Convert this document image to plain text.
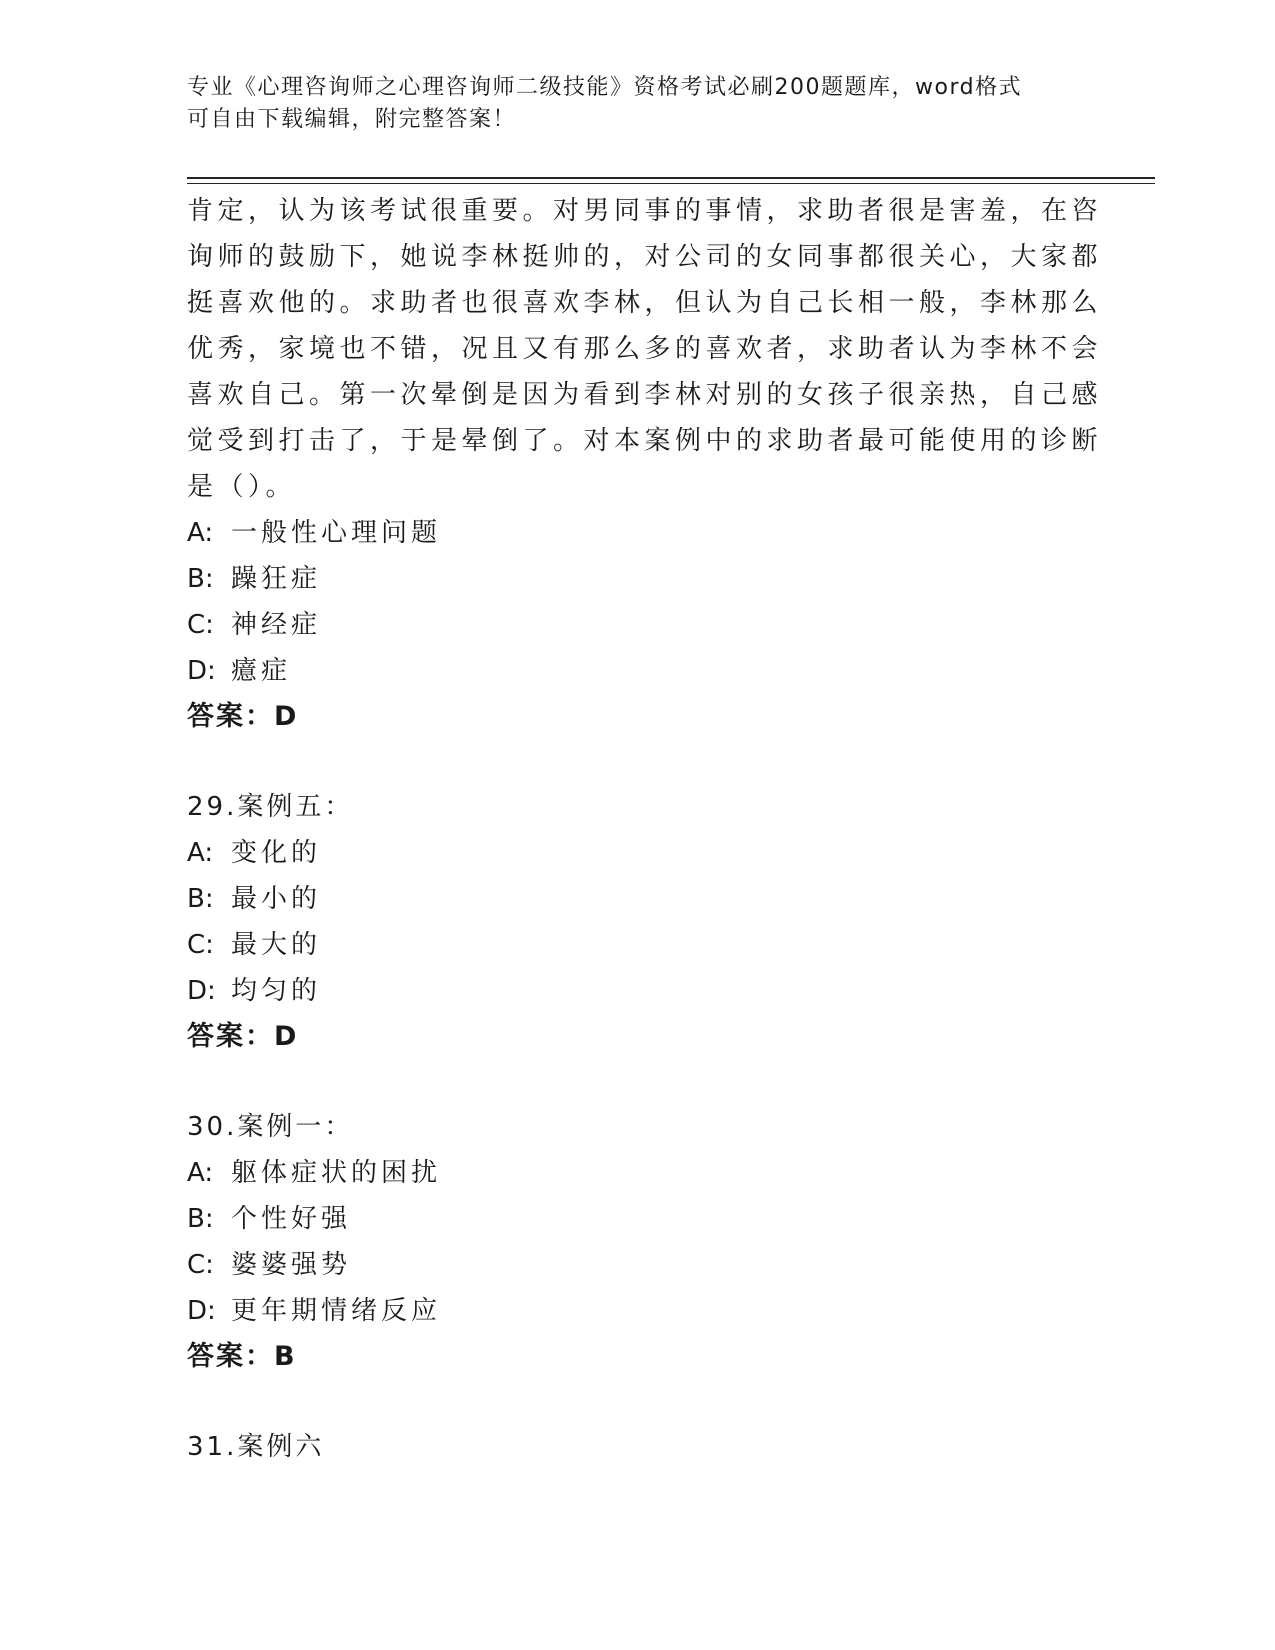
专业《心理咨询师之心理咨询师二级技能》资格考试必刷200题题库，word格式
可自由下载编辑，附完整答案！

肯定，认为该考试很重要。对男同事的事情，求助者很是害羞，在咨

询师的鼓励下，她说李林挺帅的，对公司的女同事都很关心，大家都

挺喜欢他的。求助者也很喜欢李林，但认为自己长相一般，李林那么

优秀，家境也不错，况且又有那么多的喜欢者，求助者认为李林不会

喜欢自己。第一次晕倒是因为看到李林对别的女孩子很亲热，自己感

觉受到打击了，于是晕倒了。对本案例中的求助者最可能使用的诊断

是（）。

A: 一般性心理问题

B: 躁狂症

C: 神经症

D: 癔症

答案：D

29.案例五：

A: 变化的

B: 最小的

C: 最大的

D: 均匀的

答案：D

30.案例一：

A: 躯体症状的困扰

B: 个性好强

C: 婆婆强势

D: 更年期情绪反应

答案：B

31.案例六
